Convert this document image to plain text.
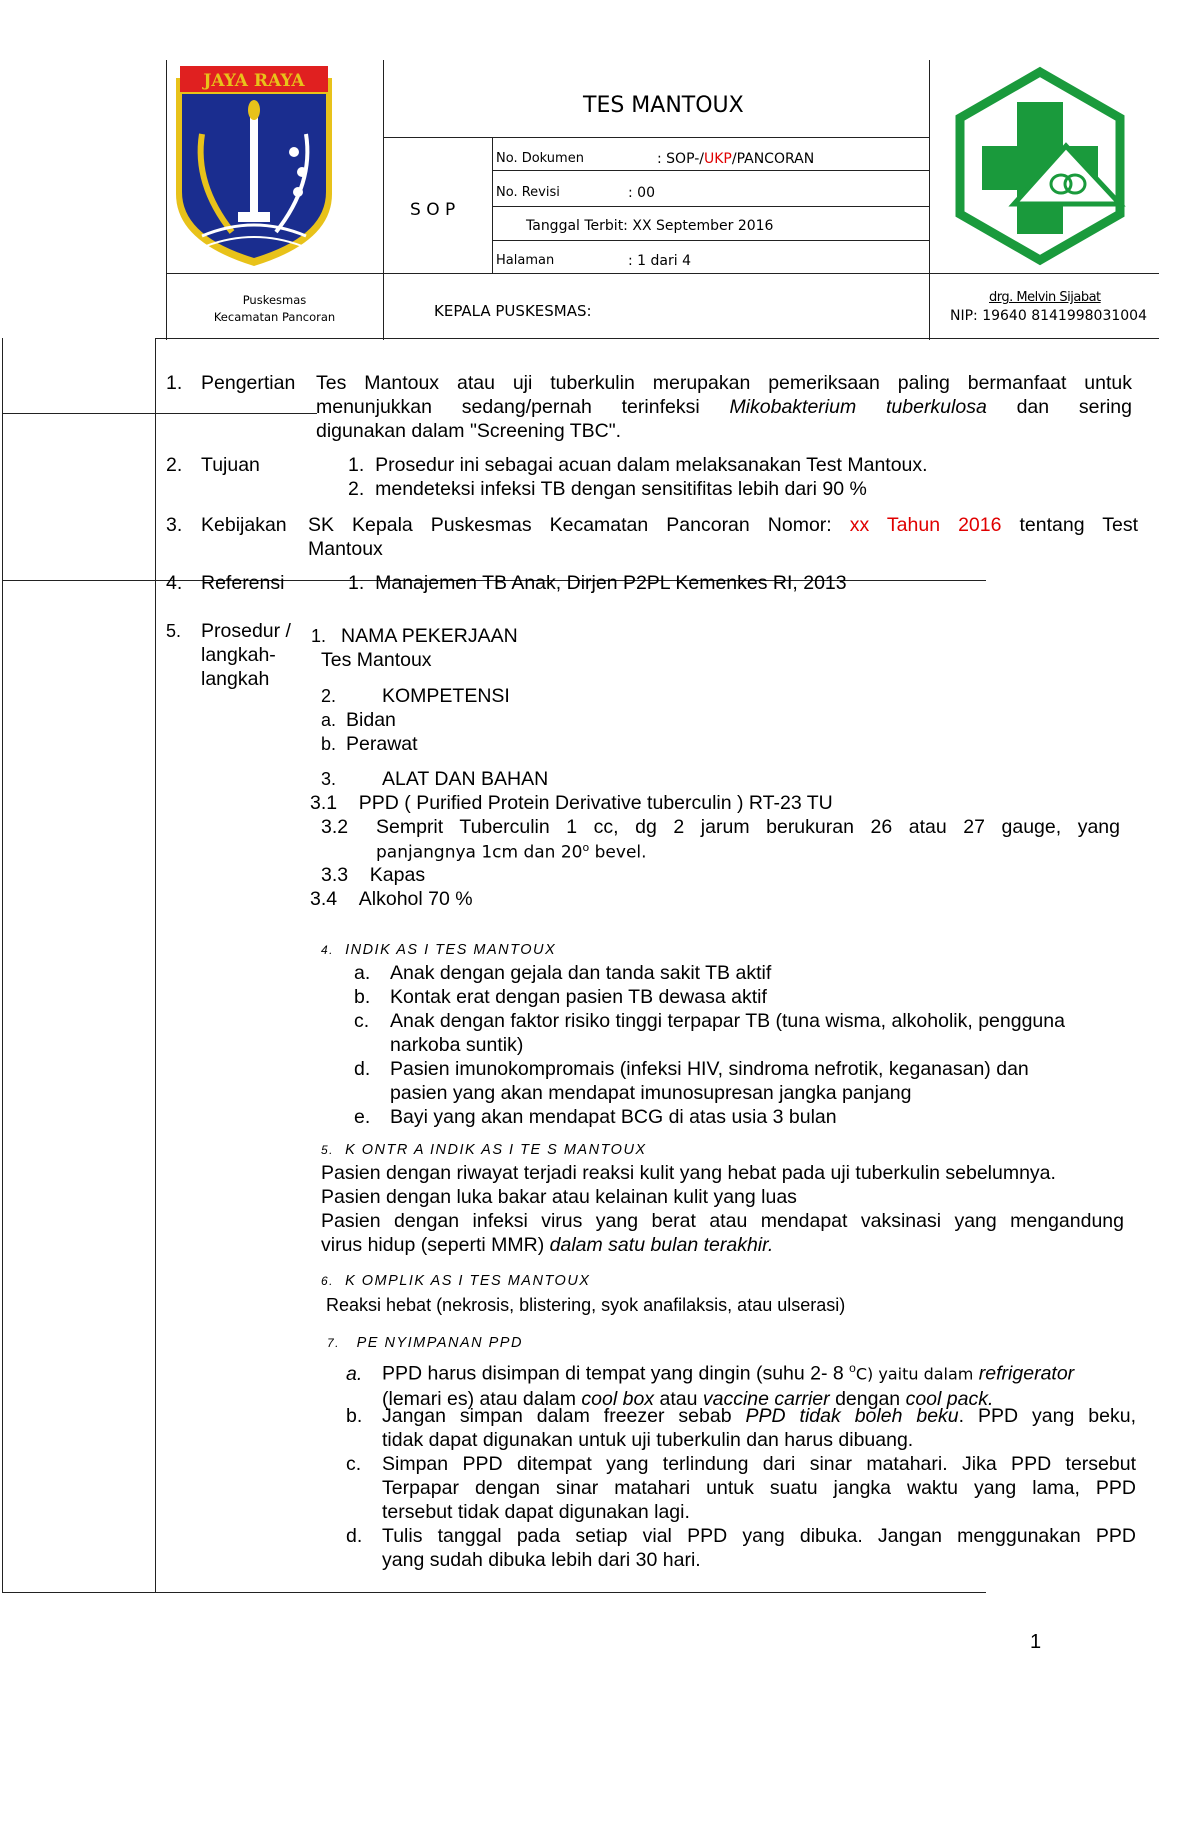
JAYA RAYA
TES MANTOUX
S O P
No. Dokumen	: SOP-/UKP/PANCORAN
No. Revisi	: 00
Tanggal Terbit: XX September 2016
Halaman	: 1 dari 4
Puskesmas
Kecamatan Pancoran	KEPALA PUSKESMAS:
drg. Melvin Sijabat
NIP: 19640 8141998031004
1. Pengertian Tes Mantoux atau uji tuberkulin merupakan pemeriksaan paling bermanfaat untuk
menunjukkan sedang/pernah terinfeksi Mikobakterium tuberkulosa dan sering
digunakan dalam "Screening TBC".
2. Tujuan	1. Prosedur ini sebagai acuan dalam melaksanakan Test Mantoux.
2. mendeteksi infeksi TB dengan sensitifitas lebih dari 90 %
3. Kebijakan SK Kepala Puskesmas Kecamatan Pancoran Nomor: xx Tahun 2016 tentang Test
Mantoux
4. Referensi	1. Manajemen TB Anak, Dirjen P2PL Kemenkes RI, 2013
5. Prosedur /
langkah-
langkah
1. NAMA PEKERJAAN
Tes Mantoux
2. KOMPETENSI
a. Bidan
b. Perawat
3. ALAT DAN BAHAN
3.1 PPD ( Purified Protein Derivative tuberculin ) RT-23 TU
3.2 Semprit Tuberculin 1 cc, dg 2 jarum berukuran 26 atau 27 gauge, yang
panjangnya 1cm dan 20$^o$ bevel.
3.3 Kapas
3.4 Alkohol 70 %
4. INDIK AS I TES MANTOUX
a. Anak dengan gejala dan tanda sakit TB aktif
b. Kontak erat dengan pasien TB dewasa aktif
c. Anak dengan faktor risiko tinggi terpapar TB (tuna wisma, alkoholik, pengguna
narkoba suntik)
d. Pasien imunokompromais (infeksi HIV, sindroma nefrotik, keganasan) dan
pasien yang akan mendapat imunosupresan jangka panjang
e. Bayi yang akan mendapat BCG di atas usia 3 bulan
5. K ONTR A INDIK AS I TE S MANTOUX
Pasien dengan riwayat terjadi reaksi kulit yang hebat pada uji tuberkulin sebelumnya.
Pasien dengan luka bakar atau kelainan kulit yang luas
Pasien dengan infeksi virus yang berat atau mendapat vaksinasi yang mengandung
virus hidup (seperti MMR) dalam satu bulan terakhir.
6. K OMPLIK AS I TES MANTOUX
Reaksi hebat (nekrosis, blistering, syok anafilaksis, atau ulserasi)
7. PE NYIMPANAN PPD
a. PPD harus disimpan di tempat yang dingin (suhu 2- 8 $^o$C) yaitu dalam refrigerator
(lemari es) atau dalam cool box atau vaccine carrier dengan cool pack.
b. Jangan simpan dalam freezer sebab PPD tidak boleh beku. PPD yang beku,
tidak dapat digunakan untuk uji tuberkulin dan harus dibuang.
c. Simpan PPD ditempat yang terlindung dari sinar matahari. Jika PPD tersebut
Terpapar dengan sinar matahari untuk suatu jangka waktu yang lama, PPD
tersebut tidak dapat digunakan lagi.
d. Tulis tanggal pada setiap vial PPD yang dibuka. Jangan menggunakan PPD
yang sudah dibuka lebih dari 30 hari.
1
